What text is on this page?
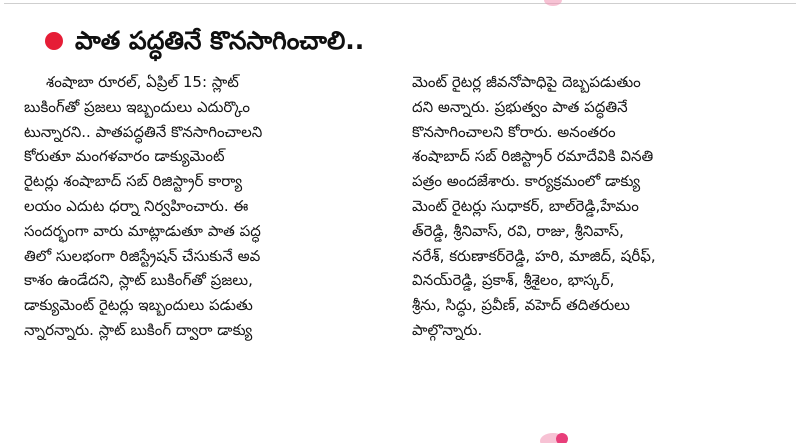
పాత పద్ధతినే కొనసాగించాలి..
శంషాబా రూరల్, ఏప్రిల్ 15: స్లాట్
బుకింగ్‌తో ప్రజలు ఇబ్బందులు ఎదుర్కొం
టున్నారని.. పాతపద్ధతినే కొనసాగించాలని
కోరుతూ మంగళవారం డాక్యుమెంట్
రైటర్లు శంషాబాద్ సబ్ రిజిస్ట్రార్ కార్యా
లయం ఎదుట ధర్నా నిర్వహించారు. ఈ
సందర్భంగా వారు మాట్లాడుతూ పాత పద్ధ
తిలో సులభంగా రిజిస్ట్రేషన్ చేసుకునే అవ
కాశం ఉండేదని, స్లాట్ బుకింగ్‌తో ప్రజలు,
డాక్యుమెంట్ రైటర్లు ఇబ్బందులు పడుతు
న్నారన్నారు. స్లాట్ బుకింగ్ ద్వారా డాక్యు
మెంట్ రైటర్ల జీవనోపాధిపై దెబ్బపడుతుం
దని అన్నారు. ప్రభుత్వం పాత పద్ధతినే
కొనసాగించాలని కోరారు. అనంతరం
శంషాబాద్ సబ్ రిజిస్ట్రార్ రమాదేవికి వినతి
పత్రం అందజేశారు. కార్యక్రమంలో డాక్యు
మెంట్ రైటర్లు సుధాకర్, బాల్‌రెడ్డి,హేమం
త్‌రెడ్డి, శ్రీనివాస్, రవి, రాజు, శ్రీనివాస్,
నరేశ్, కరుణాకర్‌రెడ్డి, హరి, మాజిద్, షరీఫ్,
వినయ్‌రెడ్డి, ప్రకాశ్, శ్రీశైలం, భాస్కర్,
శ్రీను, సిద్ధు, ప్రవీణ్, వహెద్ తదితరులు
పాల్గొన్నారు.
